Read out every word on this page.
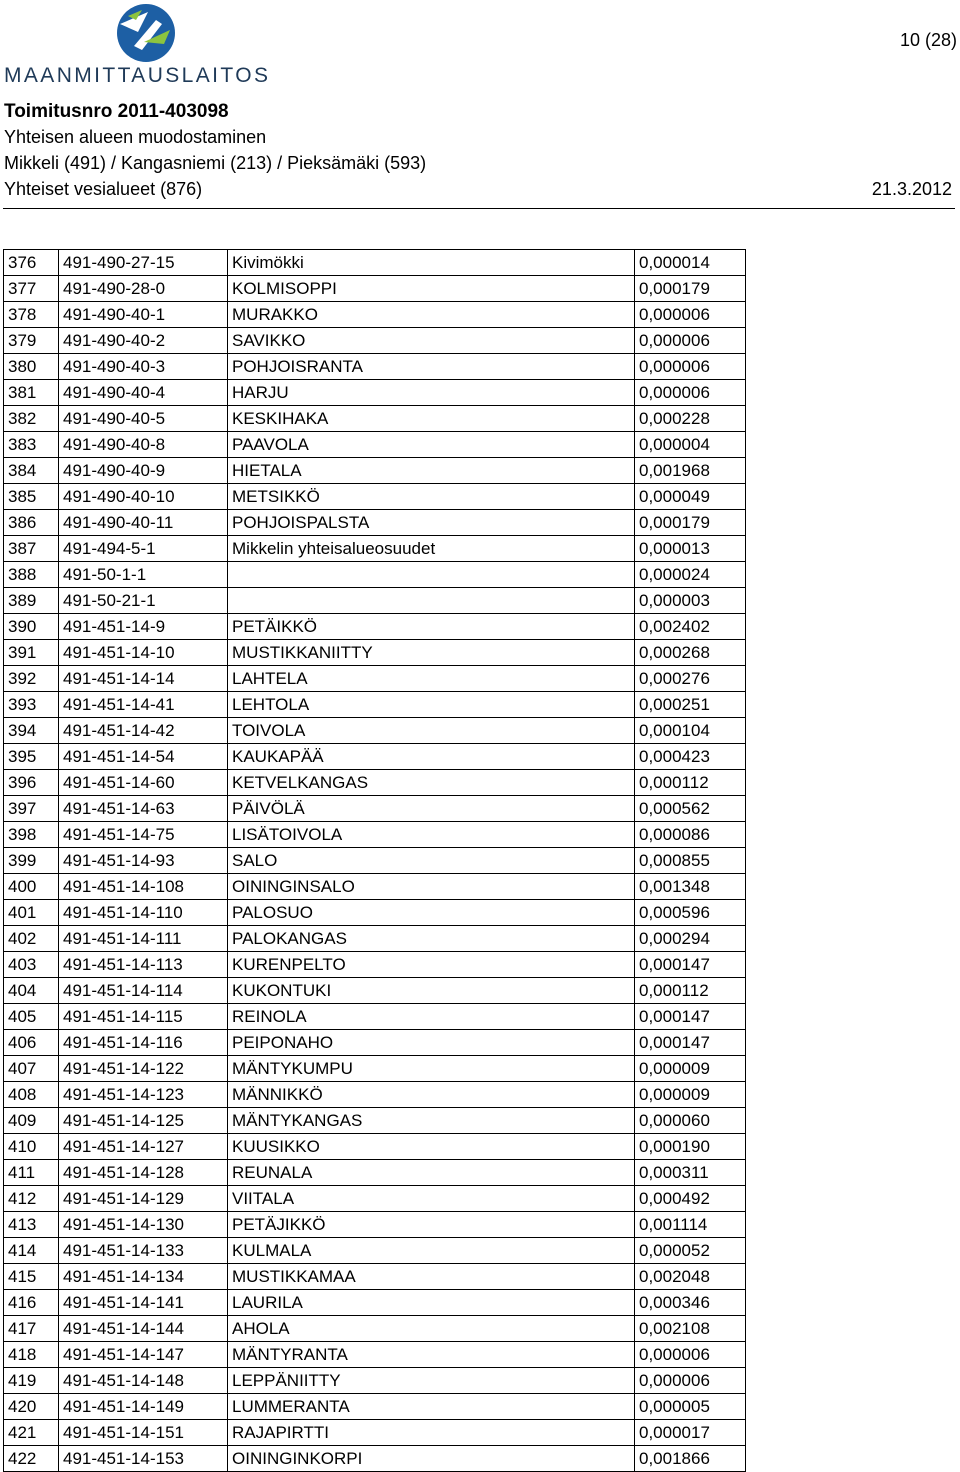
MAANMITTAUSLAITOS
10 (28)
Toimitusnro 2011-403098
Yhteisen alueen muodostaminen
Mikkeli (491) / Kangasniemi (213) / Pieksämäki (593)
Yhteiset vesialueet (876)	21.3.2012
376	491-490-27-15	Kivimökki	0,000014
377	491-490-28-0	KOLMISOPPI	0,000179
378	491-490-40-1	MURAKKO	0,000006
379	491-490-40-2	SAVIKKO	0,000006
380	491-490-40-3	POHJOISRANTA	0,000006
381	491-490-40-4	HARJU	0,000006
382	491-490-40-5	KESKIHAKA	0,000228
383	491-490-40-8	PAAVOLA	0,000004
384	491-490-40-9	HIETALA	0,001968
385	491-490-40-10	METSIKKÖ	0,000049
386	491-490-40-11	POHJOISPALSTA	0,000179
387	491-494-5-1	Mikkelin yhteisalueosuudet	0,000013
388	491-50-1-1		0,000024
389	491-50-21-1		0,000003
390	491-451-14-9	PETÄIKKÖ	0,002402
391	491-451-14-10	MUSTIKKANIITTY	0,000268
392	491-451-14-14	LAHTELA	0,000276
393	491-451-14-41	LEHTOLA	0,000251
394	491-451-14-42	TOIVOLA	0,000104
395	491-451-14-54	KAUKAPÄÄ	0,000423
396	491-451-14-60	KETVELKANGAS	0,000112
397	491-451-14-63	PÄIVÖLÄ	0,000562
398	491-451-14-75	LISÄTOIVOLA	0,000086
399	491-451-14-93	SALO	0,000855
400	491-451-14-108	OININGINSALO	0,001348
401	491-451-14-110	PALOSUO	0,000596
402	491-451-14-111	PALOKANGAS	0,000294
403	491-451-14-113	KURENPELTO	0,000147
404	491-451-14-114	KUKONTUKI	0,000112
405	491-451-14-115	REINOLA	0,000147
406	491-451-14-116	PEIPONAHO	0,000147
407	491-451-14-122	MÄNTYKUMPU	0,000009
408	491-451-14-123	MÄNNIKKÖ	0,000009
409	491-451-14-125	MÄNTYKANGAS	0,000060
410	491-451-14-127	KUUSIKKO	0,000190
411	491-451-14-128	REUNALA	0,000311
412	491-451-14-129	VIITALA	0,000492
413	491-451-14-130	PETÄJIKKÖ	0,001114
414	491-451-14-133	KULMALA	0,000052
415	491-451-14-134	MUSTIKKAMAA	0,002048
416	491-451-14-141	LAURILA	0,000346
417	491-451-14-144	AHOLA	0,002108
418	491-451-14-147	MÄNTYRANTA	0,000006
419	491-451-14-148	LEPPÄNIITTY	0,000006
420	491-451-14-149	LUMMERANTA	0,000005
421	491-451-14-151	RAJAPIRTTI	0,000017
422	491-451-14-153	OININGINKORPI	0,001866
